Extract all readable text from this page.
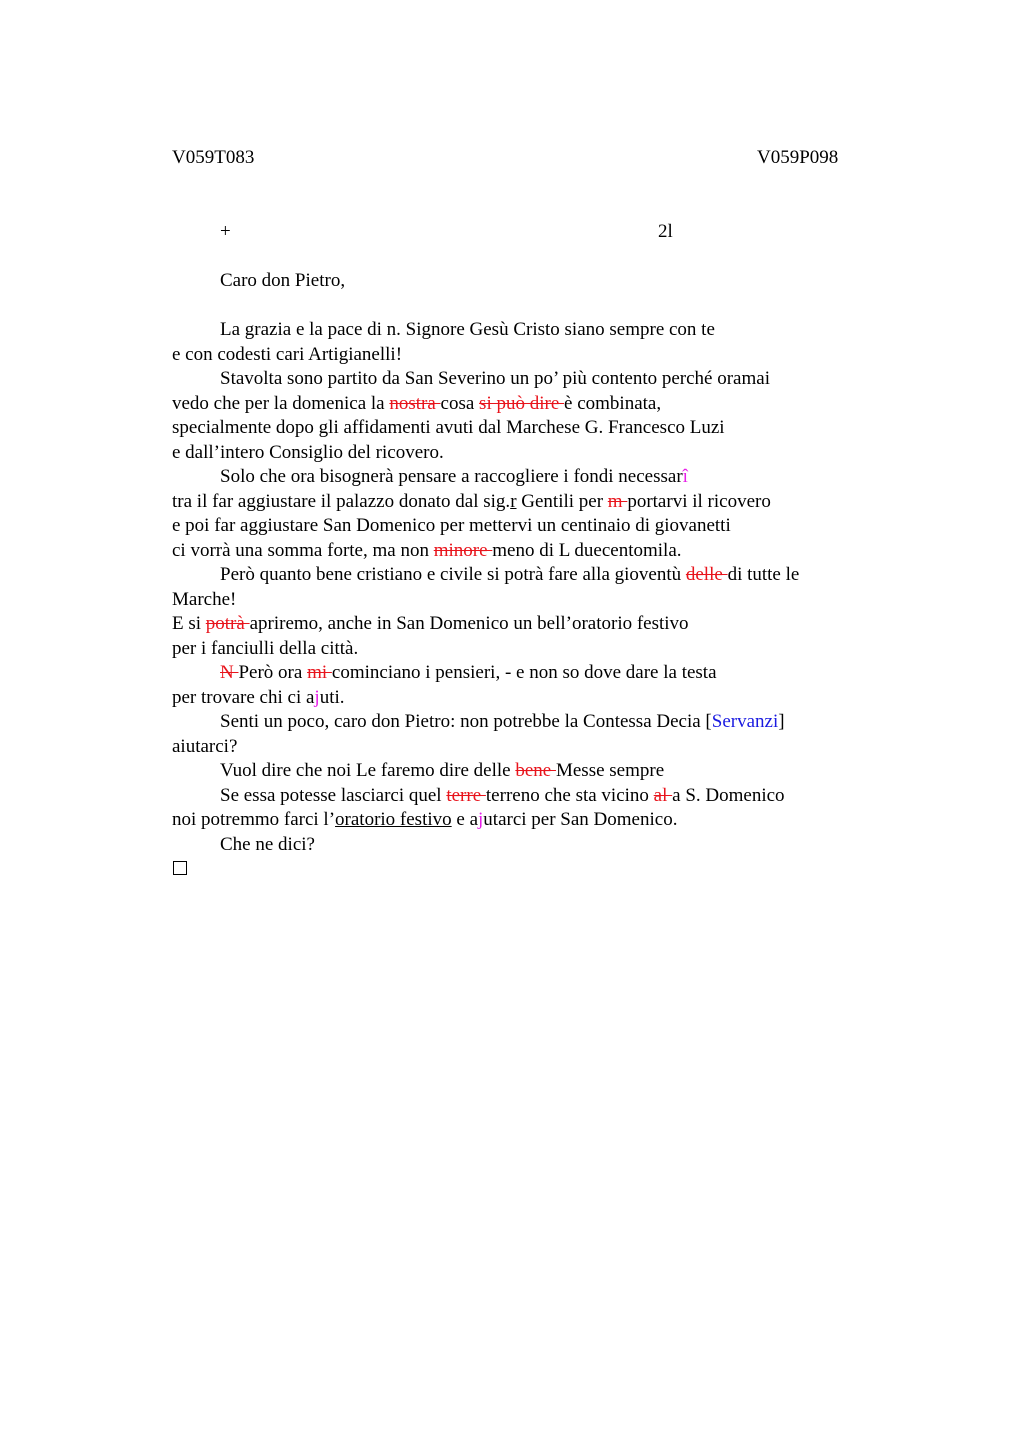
V059T083	V059P098
+	2l
Caro don Pietro,
La grazia e la pace di n. Signore Gesù Cristo siano sempre con te
e con codesti cari Artigianelli!
Stavolta sono partito da San Severino un po’ più contento perché oramai
vedo che per la domenica la nostra cosa si può dire è combinata,
specialmente dopo gli affidamenti avuti dal Marchese G. Francesco Luzi
e dall’intero Consiglio del ricovero.
Solo che ora bisognerà pensare a raccogliere i fondi necessarî
tra il far aggiustare il palazzo donato dal sig.r Gentili per m portarvi il ricovero
e poi far aggiustare San Domenico per mettervi un centinaio di giovanetti
ci vorrà una somma forte, ma non minore meno di L duecentomila.
Però quanto bene cristiano e civile si potrà fare alla gioventù delle di tutte le
Marche!
E si potrà apriremo, anche in San Domenico un bell’oratorio festivo
per i fanciulli della città.
N Però ora mi cominciano i pensieri, - e non so dove dare la testa
per trovare chi ci ajuti.
Senti un poco, caro don Pietro: non potrebbe la Contessa Decia [Servanzi]
aiutarci?
Vuol dire che noi Le faremo dire delle bene Messe sempre
Se essa potesse lasciarci quel terre terreno che sta vicino al a S. Domenico
noi potremmo farci l’oratorio festivo e ajutarci per San Domenico.
Che ne dici?
